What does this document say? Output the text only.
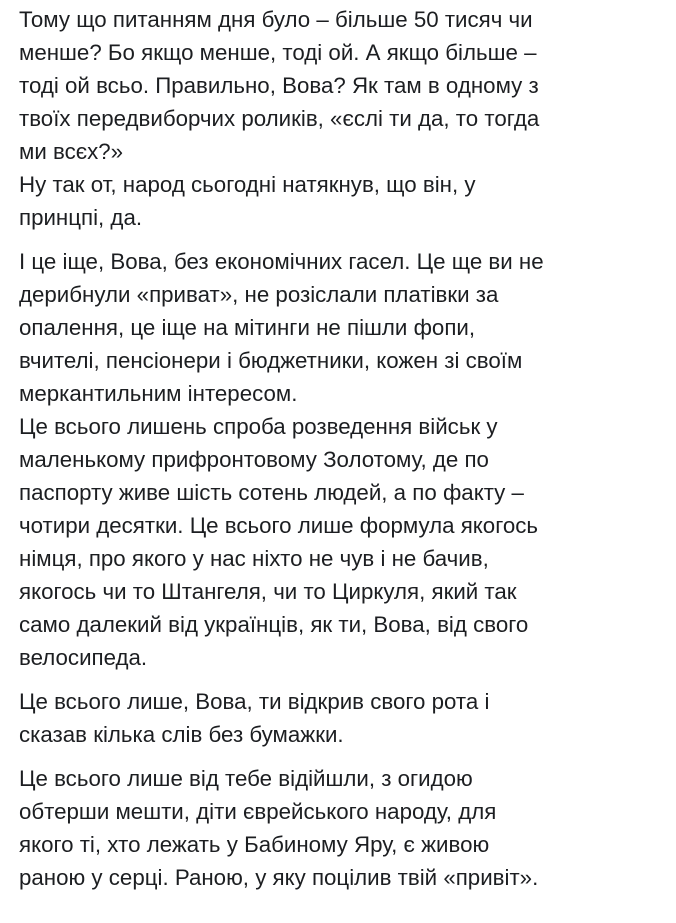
Тому що питанням дня було – більше 50 тисяч чи
менше? Бо якщо менше, тоді ой. А якщо більше –
тоді ой всьо. Правильно, Вова? Як там в одному з
твоїх передвиборчих роликів, «єслі ти да, то тогда
ми всєх?»
Ну так от, народ сьогодні натякнув, що він, у
принцпі, да.
І це іще, Вова, без економічних гасел. Це ще ви не
дерибнули «приват», не розіслали платівки за
опалення, це іще на мітинги не пішли фопи,
вчителі, пенсіонери і бюджетники, кожен зі своїм
меркантильним інтересом.
Це всього лишень спроба розведення військ у
маленькому прифронтовому Золотому, де по
паспорту живе шість сотень людей, а по факту –
чотири десятки. Це всього лише формула якогось
німця, про якого у нас ніхто не чув і не бачив,
якогось чи то Штангеля, чи то Циркуля, який так
само далекий від українців, як ти, Вова, від свого
велосипеда.
Це всього лише, Вова, ти відкрив свого рота і
сказав кілька слів без бумажки.
Це всього лише від тебе відійшли, з огидою
обтерши мешти, діти єврейського народу, для
якого ті, хто лежать у Бабиному Яру, є живою
раною у серці. Раною, у яку поцілив твій «привіт».
